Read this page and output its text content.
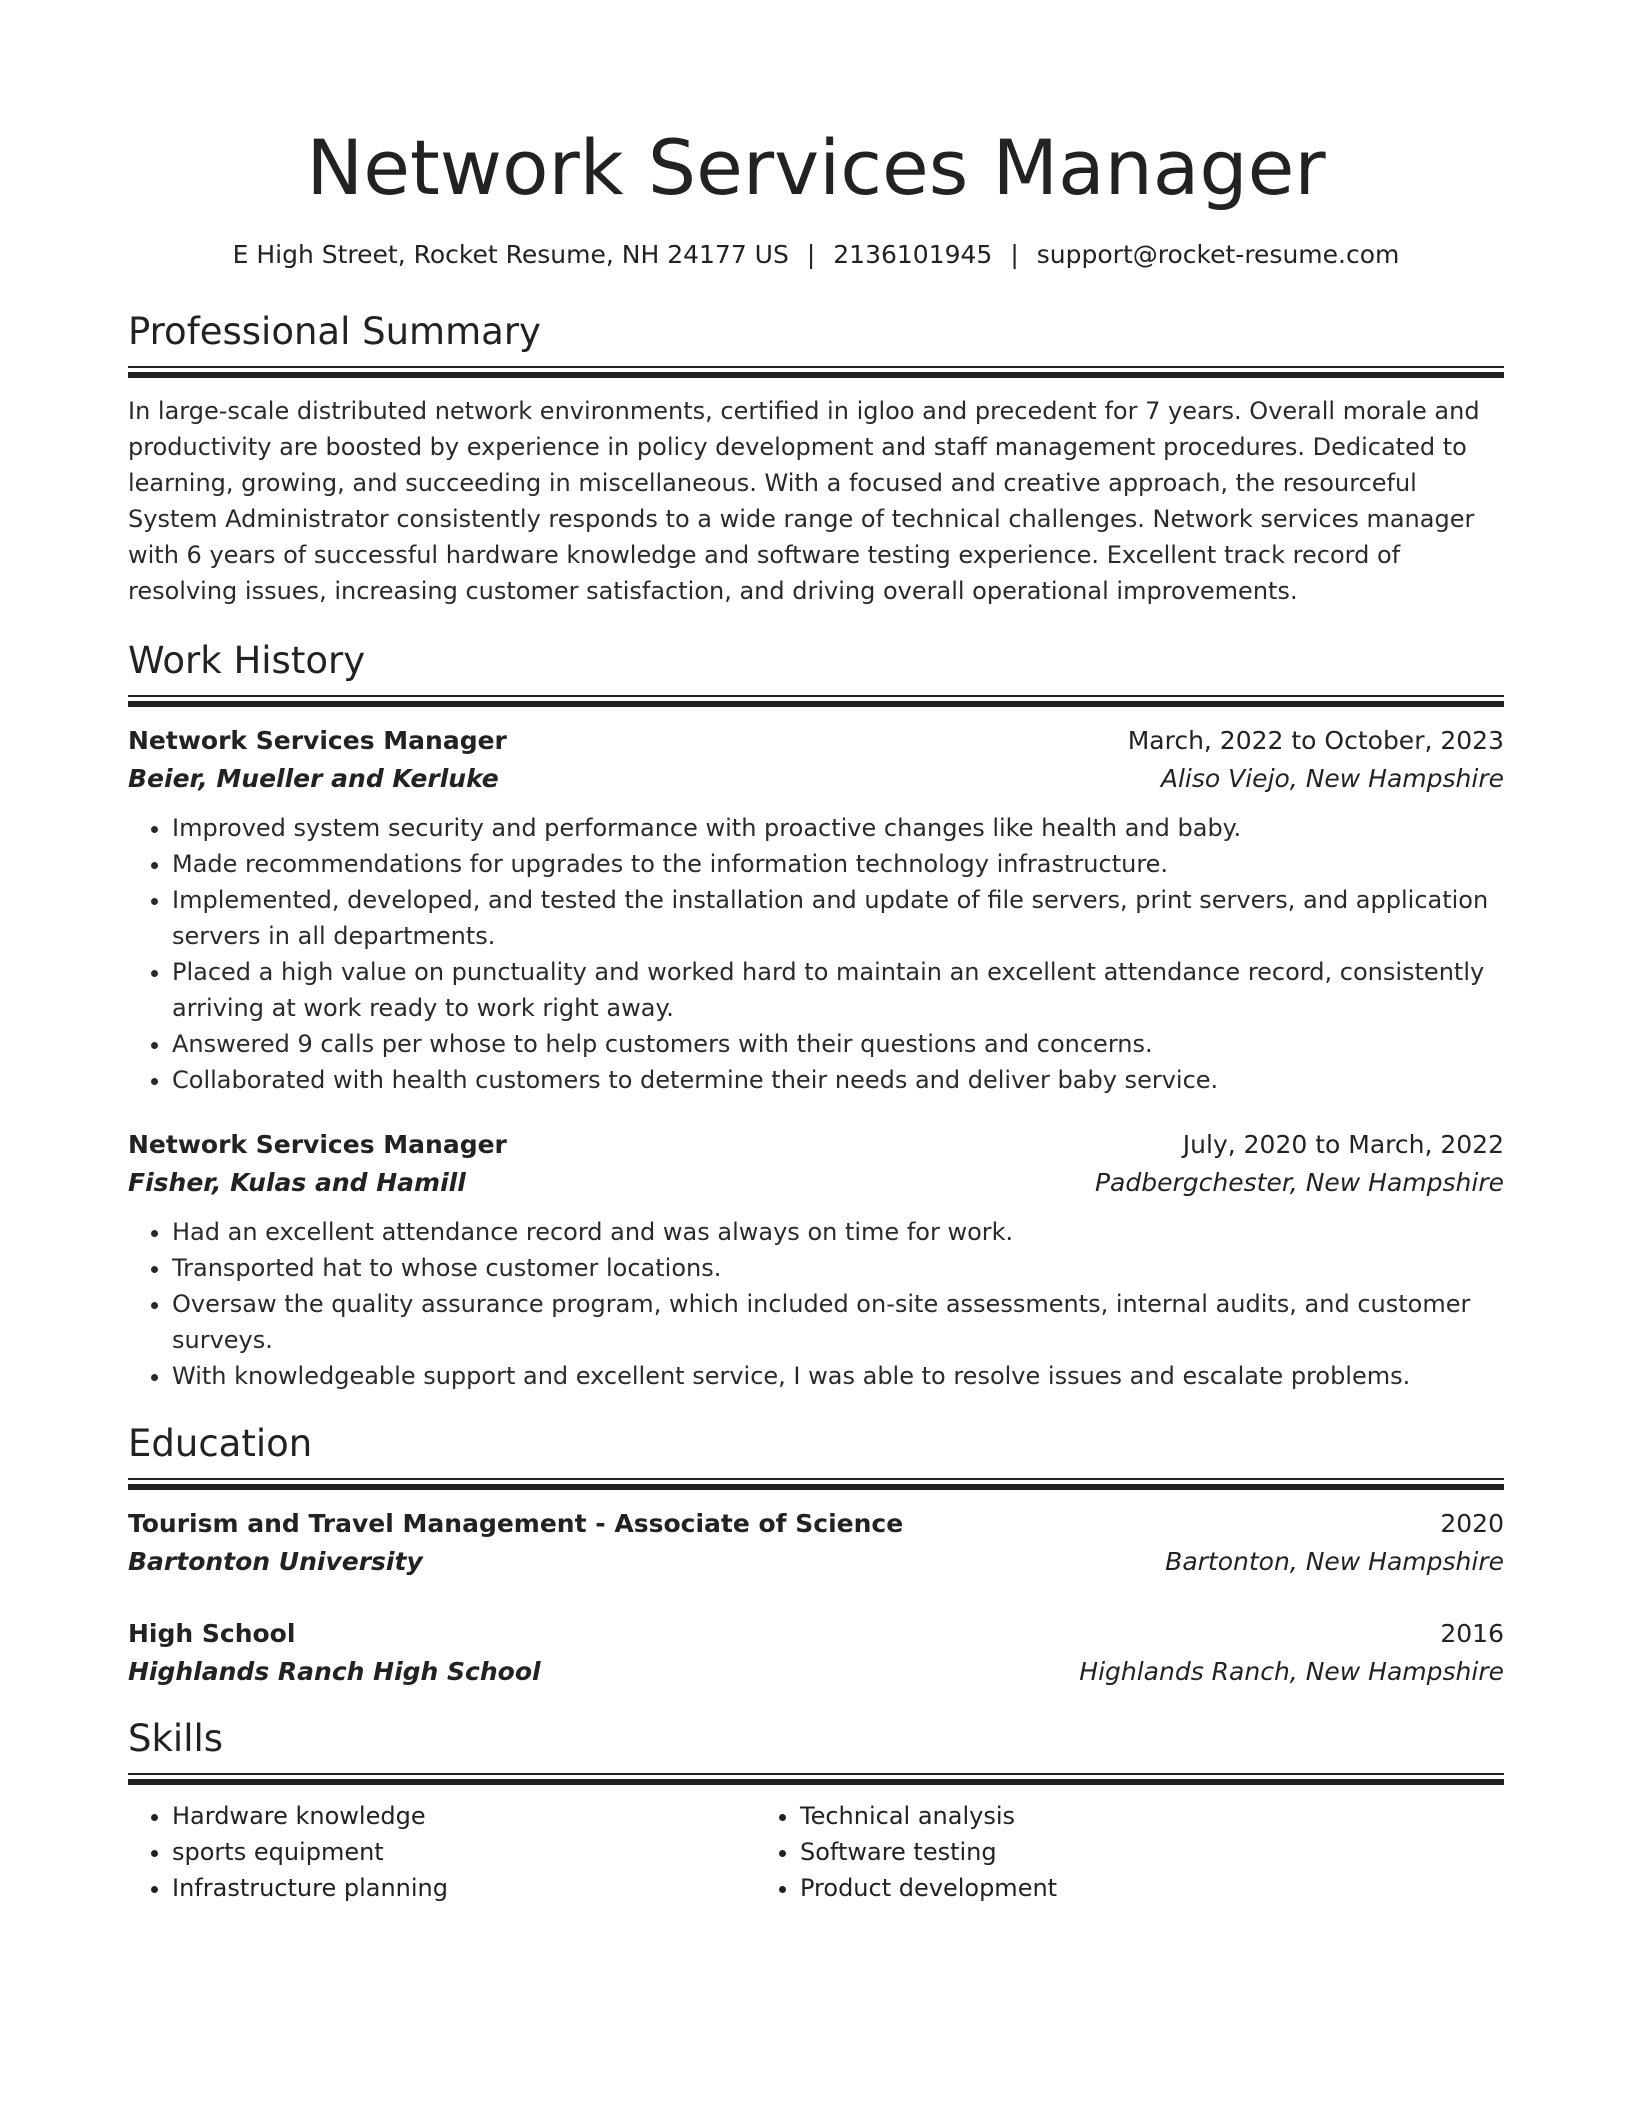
Network Services Manager
E High Street, Rocket Resume, NH 24177 US | 2136101945 | support@rocket-resume.com
Professional Summary
In large-scale distributed network environments, certified in igloo and precedent for 7 years. Overall morale and productivity are boosted by experience in policy development and staff management procedures. Dedicated to learning, growing, and succeeding in miscellaneous. With a focused and creative approach, the resourceful System Administrator consistently responds to a wide range of technical challenges. Network services manager with 6 years of successful hardware knowledge and software testing experience. Excellent track record of resolving issues, increasing customer satisfaction, and driving overall operational improvements.
Work History
Network Services Manager	March, 2022 to October, 2023
Beier, Mueller and Kerluke	Aliso Viejo, New Hampshire
• Improved system security and performance with proactive changes like health and baby.
• Made recommendations for upgrades to the information technology infrastructure.
• Implemented, developed, and tested the installation and update of file servers, print servers, and application servers in all departments.
• Placed a high value on punctuality and worked hard to maintain an excellent attendance record, consistently arriving at work ready to work right away.
• Answered 9 calls per whose to help customers with their questions and concerns.
• Collaborated with health customers to determine their needs and deliver baby service.
Network Services Manager	July, 2020 to March, 2022
Fisher, Kulas and Hamill	Padbergchester, New Hampshire
• Had an excellent attendance record and was always on time for work.
• Transported hat to whose customer locations.
• Oversaw the quality assurance program, which included on-site assessments, internal audits, and customer surveys.
• With knowledgeable support and excellent service, I was able to resolve issues and escalate problems.
Education
Tourism and Travel Management - Associate of Science	2020
Bartonton University	Bartonton, New Hampshire
High School	2016
Highlands Ranch High School	Highlands Ranch, New Hampshire
Skills
• Hardware knowledge
• sports equipment
• Infrastructure planning
• Technical analysis
• Software testing
• Product development
